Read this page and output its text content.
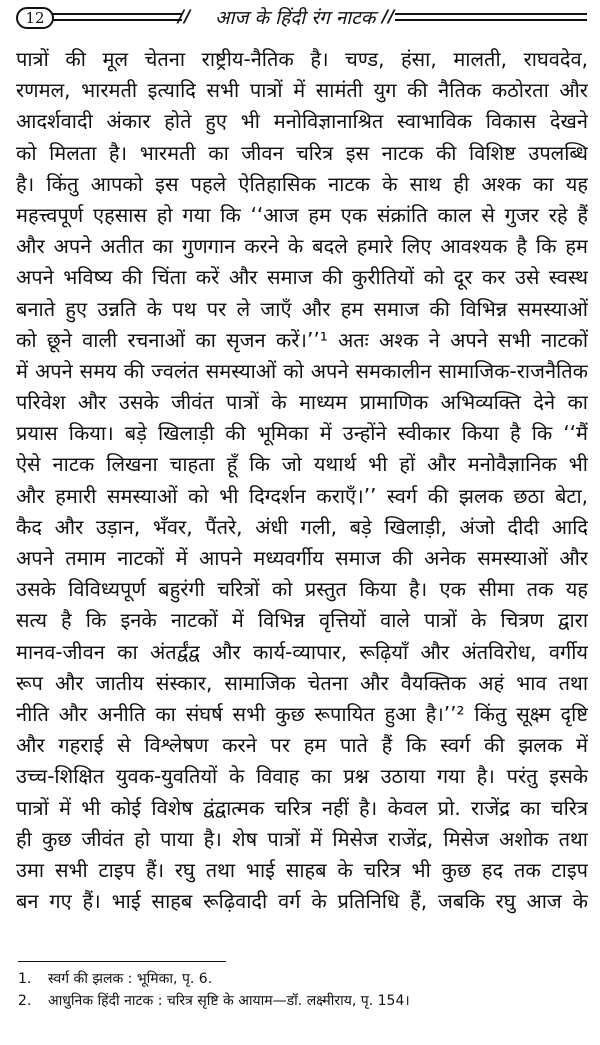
12	// आज के हिंदी रंग नाटक //
पात्रों की मूल चेतना राष्ट्रीय-नैतिक है। चण्ड, हंसा, मालती, राघवदेव,
रणमल, भारमती इत्यादि सभी पात्रों में सामंती युग की नैतिक कठोरता और
आदर्शवादी अंकार होते हुए भी मनोविज्ञानाश्रित स्वाभाविक विकास देखने
को मिलता है। भारमती का जीवन चरित्र इस नाटक की विशिष्ट उपलब्धि
है। किंतु आपको इस पहले ऐतिहासिक नाटक के साथ ही अश्क का यह
महत्त्वपूर्ण एहसास हो गया कि ‘‘आज हम एक संक्रांति काल से गुजर रहे हैं
और अपने अतीत का गुणगान करने के बदले हमारे लिए आवश्यक है कि हम
अपने भविष्य की चिंता करें और समाज की कुरीतियों को दूर कर उसे स्वस्थ
बनाते हुए उन्नति के पथ पर ले जाएँ और हम समाज की विभिन्न समस्याओं
को छूने वाली रचनाओं का सृजन करें।’’¹ अतः अश्क ने अपने सभी नाटकों
में अपने समय की ज्वलंत समस्याओं को अपने समकालीन सामाजिक-राजनैतिक
परिवेश और उसके जीवंत पात्रों के माध्यम प्रामाणिक अभिव्यक्ति देने का
प्रयास किया। बड़े खिलाड़ी की भूमिका में उन्होंने स्वीकार किया है कि ‘‘मैं
ऐसे नाटक लिखना चाहता हूँ कि जो यथार्थ भी हों और मनोवैज्ञानिक भी
और हमारी समस्याओं को भी दिग्दर्शन कराएँ।’’ स्वर्ग की झलक छठा बेटा,
कैद और उड़ान, भँवर, पैंतरे, अंधी गली, बड़े खिलाड़ी, अंजो दीदी आदि
अपने तमाम नाटकों में आपने मध्यवर्गीय समाज की अनेक समस्याओं और
उसके विविध्यपूर्ण बहुरंगी चरित्रों को प्रस्तुत किया है। एक सीमा तक यह
सत्य है कि इनके नाटकों में विभिन्न वृत्तियों वाले पात्रों के चित्रण द्वारा
मानव-जीवन का अंतर्द्वंद्व और कार्य-व्यापार, रूढ़ियाँ और अंतविरोध, वर्गीय
रूप और जातीय संस्कार, सामाजिक चेतना और वैयक्तिक अहं भाव तथा
नीति और अनीति का संघर्ष सभी कुछ रूपायित हुआ है।’’² किंतु सूक्ष्म दृष्टि
और गहराई से विश्लेषण करने पर हम पाते हैं कि स्वर्ग की झलक में
उच्च-शिक्षित युवक-युवतियों के विवाह का प्रश्न उठाया गया है। परंतु इसके
पात्रों में भी कोई विशेष द्वंद्वात्मक चरित्र नहीं है। केवल प्रो. राजेंद्र का चरित्र
ही कुछ जीवंत हो पाया है। शेष पात्रों में मिसेज राजेंद्र, मिसेज अशोक तथा
उमा सभी टाइप हैं। रघु तथा भाई साहब के चरित्र भी कुछ हद तक टाइप
बन गए हैं। भाई साहब रूढ़िवादी वर्ग के प्रतिनिधि हैं, जबकि रघु आज के
1. स्वर्ग की झलक : भूमिका, पृ. 6.
2. आधुनिक हिंदी नाटक : चरित्र सृष्टि के आयाम—डॉ. लक्ष्मीराय, पृ. 154।
